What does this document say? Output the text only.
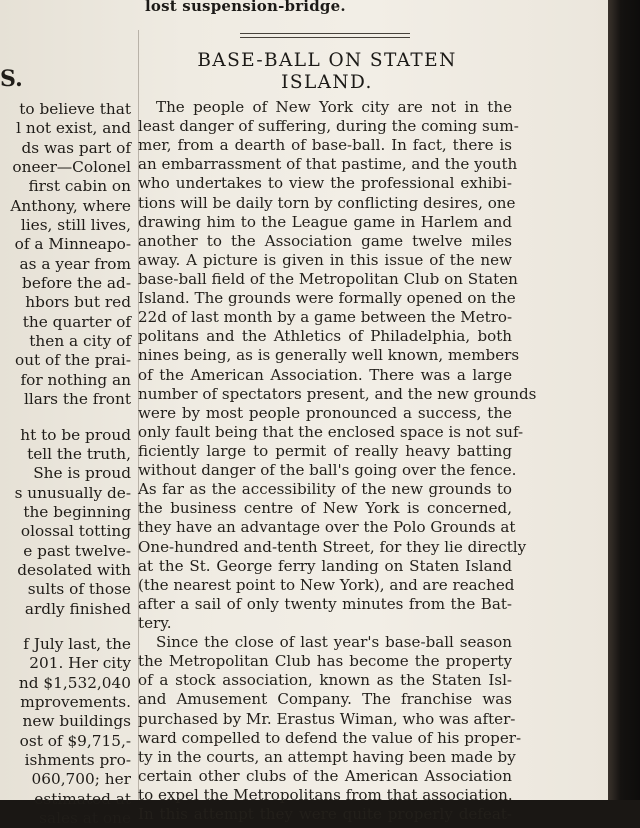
lost suspension-bridge.
to believe that
l not exist, and
ds was part of
oneer—Colonel
first cabin on
Anthony, where
lies, still lives,
of a Minneapo-
as a year from
before the ad-
hbors but red
the quarter of
then a city of
out of the prai-
for nothing an
llars the front
ht to be proud
tell the truth,
She is proud
s unusually de-
the beginning
olossal totting
e past twelve-
desolated with
sults of those
ardly finished
f July last, the
201. Her city
nd $1,532,040
mprovements.
new buildings
ost of $9,715,-
ishments pro-
060,700; her
estimated at
sales at one
S.
BASE-BALL ON STATEN
ISLAND.
The people of New York city are not in the
least danger of suffering, during the coming sum-
mer, from a dearth of base-ball. In fact, there is
an embarrassment of that pastime, and the youth
who undertakes to view the professional exhibi-
tions will be daily torn by conflicting desires, one
drawing him to the League game in Harlem and
another to the Association game twelve miles
away. A picture is given in this issue of the new
base-ball field of the Metropolitan Club on Staten
Island. The grounds were formally opened on the
22d of last month by a game between the Metro-
politans and the Athletics of Philadelphia, both
nines being, as is generally well known, members
of the American Association. There was a large
number of spectators present, and the new grounds
were by most people pronounced a success, the
only fault being that the enclosed space is not suf-
ficiently large to permit of really heavy batting
without danger of the ball's going over the fence.
As far as the accessibility of the new grounds to
the business centre of New York is concerned,
they have an advantage over the Polo Grounds at
One-hundred and-tenth Street, for they lie directly
at the St. George ferry landing on Staten Island
(the nearest point to New York), and are reached
after a sail of only twenty minutes from the Bat-
tery.
Since the close of last year's base-ball season
the Metropolitan Club has become the property
of a stock association, known as the Staten Isl-
and Amusement Company. The franchise was
purchased by Mr. Erastus Wiman, who was after-
ward compelled to defend the value of his proper-
ty in the courts, an attempt having been made by
certain other clubs of the American Association
to expel the Metropolitans from that association.
In this attempt they were quite properly defeat-
